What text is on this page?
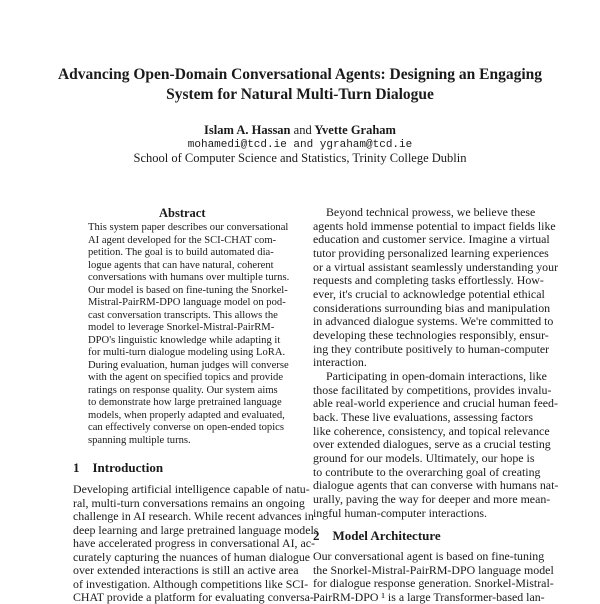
Advancing Open-Domain Conversational Agents: Designing an Engaging
System for Natural Multi-Turn Dialogue
Islam A. Hassan and Yvette Graham
mohamedi@tcd.ie and ygraham@tcd.ie
School of Computer Science and Statistics, Trinity College Dublin
Abstract
This system paper describes our conversational
AI agent developed for the SCI-CHAT com-
petition. The goal is to build automated dia-
logue agents that can have natural, coherent
conversations with humans over multiple turns.
Our model is based on fine-tuning the Snorkel-
Mistral-PairRM-DPO language model on pod-
cast conversation transcripts. This allows the
model to leverage Snorkel-Mistral-PairRM-
DPO's linguistic knowledge while adapting it
for multi-turn dialogue modeling using LoRA.
During evaluation, human judges will converse
with the agent on specified topics and provide
ratings on response quality. Our system aims
to demonstrate how large pretrained language
models, when properly adapted and evaluated,
can effectively converse on open-ended topics
spanning multiple turns.
1    Introduction
Developing artificial intelligence capable of natu-
ral, multi-turn conversations remains an ongoing
challenge in AI research. While recent advances in
deep learning and large pretrained language models
have accelerated progress in conversational AI, ac-
curately capturing the nuances of human dialogue
over extended interactions is still an active area
of investigation. Although competitions like SCI-
CHAT provide a platform for evaluating conversa-
Beyond technical prowess, we believe these
agents hold immense potential to impact fields like
education and customer service. Imagine a virtual
tutor providing personalized learning experiences
or a virtual assistant seamlessly understanding your
requests and completing tasks effortlessly. How-
ever, it's crucial to acknowledge potential ethical
considerations surrounding bias and manipulation
in advanced dialogue systems. We're committed to
developing these technologies responsibly, ensur-
ing they contribute positively to human-computer
interaction.
Participating in open-domain interactions, like
those facilitated by competitions, provides invalu-
able real-world experience and crucial human feed-
back. These live evaluations, assessing factors
like coherence, consistency, and topical relevance
over extended dialogues, serve as a crucial testing
ground for our models. Ultimately, our hope is
to contribute to the overarching goal of creating
dialogue agents that can converse with humans nat-
urally, paving the way for deeper and more mean-
ingful human-computer interactions.
Our conversational agent is based on fine-tuning
the Snorkel-Mistral-PairRM-DPO language model
for dialogue response generation. Snorkel-Mistral-
PairRM-DPO ¹ is a large Transformer-based lan-
2    Model Architecture
